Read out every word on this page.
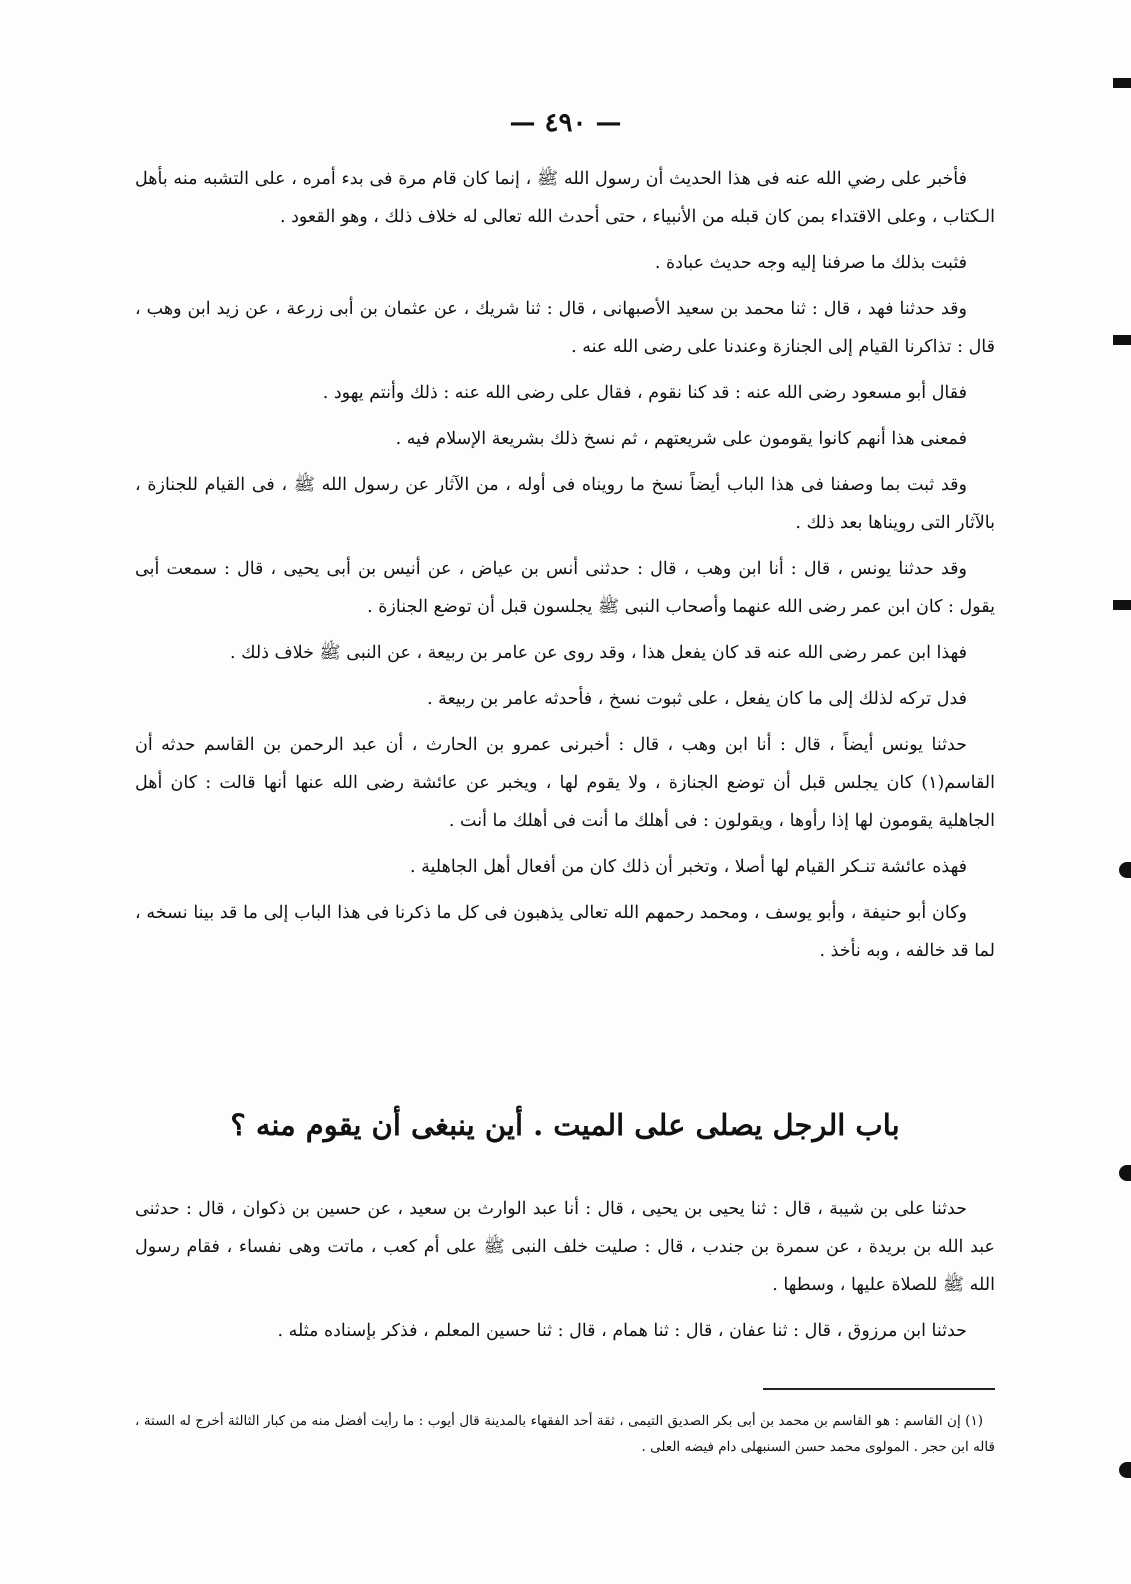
— ٤٩٠ —

فأخبر على رضي الله عنه فى هذا الحديث أن رسول الله ﷺ ، إنما كان قام مرة فى بدء أمره ، على التشبه منه بأهل الـكتاب ، وعلى الاقتداء بمن كان قبله من الأنبياء ، حتى أحدث الله تعالى له خلاف ذلك ، وهو القعود .

فثبت بذلك ما صرفنا إليه وجه حديث عبادة .

وقد حدثنا فهد ، قال : ثنا محمد بن سعيد الأصبهانى ، قال : ثنا شريك ، عن عثمان بن أبى زرعة ، عن زيد ابن وهب ، قال : تذاكرنا القيام إلى الجنازة وعندنا على رضى الله عنه .

فقال أبو مسعود رضى الله عنه : قد كنا نقوم ، فقال على رضى الله عنه : ذلك وأنتم يهود .

فمعنى هذا أنهم كانوا يقومون على شريعتهم ، ثم نسخ ذلك بشريعة الإسلام فيه .

وقد ثبت بما وصفنا فى هذا الباب أيضاً نسخ ما رويناه فى أوله ، من الآثار عن رسول الله ﷺ ، فى القيام للجنازة ، بالآثار التى رويناها بعد ذلك .

وقد حدثنا يونس ، قال : أنا ابن وهب ، قال : حدثنى أنس بن عياض ، عن أنيس بن أبى يحيى ، قال : سمعت أبى يقول : كان ابن عمر رضى الله عنهما وأصحاب النبى ﷺ يجلسون قبل أن توضع الجنازة .

فهذا ابن عمر رضى الله عنه قد كان يفعل هذا ، وقد روى عن عامر بن ربيعة ، عن النبى ﷺ خلاف ذلك .

فدل تركه لذلك إلى ما كان يفعل ، على ثبوت نسخ ، فأحدثه عامر بن ربيعة .

حدثنا يونس أيضاً ، قال : أنا ابن وهب ، قال : أخبرنى عمرو بن الحارث ، أن عبد الرحمن بن القاسم حدثه أن القاسم(١) كان يجلس قبل أن توضع الجنازة ، ولا يقوم لها ، ويخبر عن عائشة رضى الله عنها أنها قالت : كان أهل الجاهلية يقومون لها إذا رأوها ، ويقولون : فى أهلك ما أنت فى أهلك ما أنت .

فهذه عائشة تنـكر القيام لها أصلا ، وتخبر أن ذلك كان من أفعال أهل الجاهلية .

وكان أبو حنيفة ، وأبو يوسف ، ومحمد رحمهم الله تعالى يذهبون فى كل ما ذكرنا فى هذا الباب إلى ما قد بينا نسخه ، لما قد خالفه ، وبه نأخذ .

باب الرجل يصلى على الميت . أين ينبغى أن يقوم منه ؟

حدثنا على بن شيبة ، قال : ثنا يحيى بن يحيى ، قال : أنا عبد الوارث بن سعيد ، عن حسين بن ذكوان ، قال : حدثنى عبد الله بن بريدة ، عن سمرة بن جندب ، قال : صليت خلف النبى ﷺ على أم كعب ، ماتت وهى نفساء ، فقام رسول الله ﷺ للصلاة عليها ، وسطها .

حدثنا ابن مرزوق ، قال : ثنا عفان ، قال : ثنا همام ، قال : ثنا حسين المعلم ، فذكر بإسناده مثله .

(١) إن القاسم : هو القاسم بن محمد بن أبى بكر الصديق التيمى ، ثقة أحد الفقهاء بالمدينة قال أيوب : ما رأيت أفضل منه من كبار الثالثة أخرج له الستة ، قاله ابن حجر . المولوى محمد حسن السنبهلى دام فيضه العلى .
